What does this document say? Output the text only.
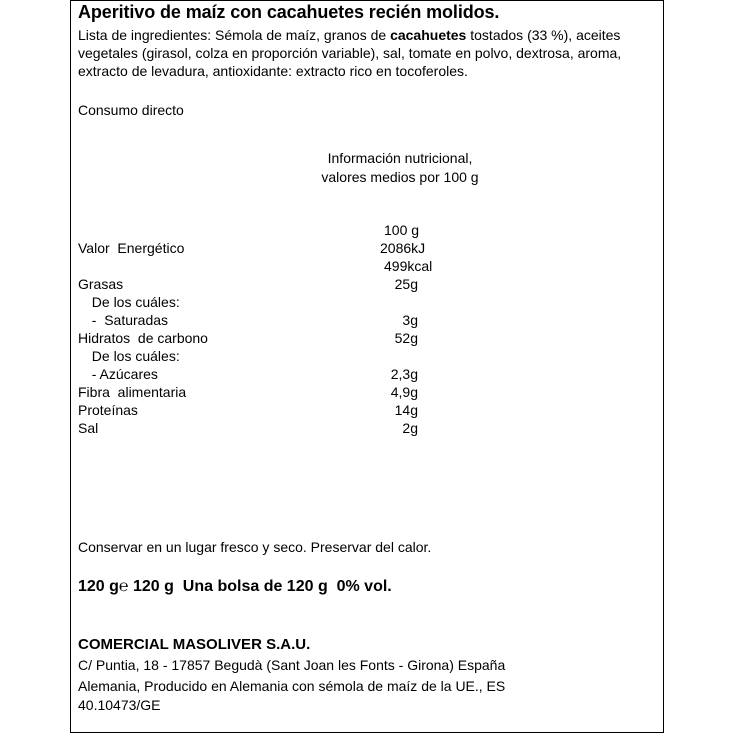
Aperitivo de maíz con cacahuetes recién molidos.
Lista de ingredientes: Sémola de maíz, granos de cacahuetes tostados (33 %), aceites vegetales (girasol, colza en proporción variable), sal, tomate en polvo, dextrosa, aroma, extracto de levadura, antioxidante: extracto rico en tocoferoles.
Consumo directo
Información nutricional,
valores medios por 100 g
100 g
Valor  Energético	2086kJ
499kcal
Grasas	25g
De los cuáles:
-  Saturadas	3g
Hidratos  de carbono	52g
De los cuáles:
- Azúcares	2,3g
Fibra  alimentaria	4,9g
Proteínas	14g
Sal	2g
Conservar en un lugar fresco y seco. Preservar del calor.
120 g℮ 120 g  Una bolsa de 120 g  0% vol.
COMERCIAL MASOLIVER S.A.U.
C/ Puntia, 18 - 17857 Begudà (Sant Joan les Fonts - Girona) España
Alemania, Producido en Alemania con sémola de maíz de la UE., ES
40.10473/GE
